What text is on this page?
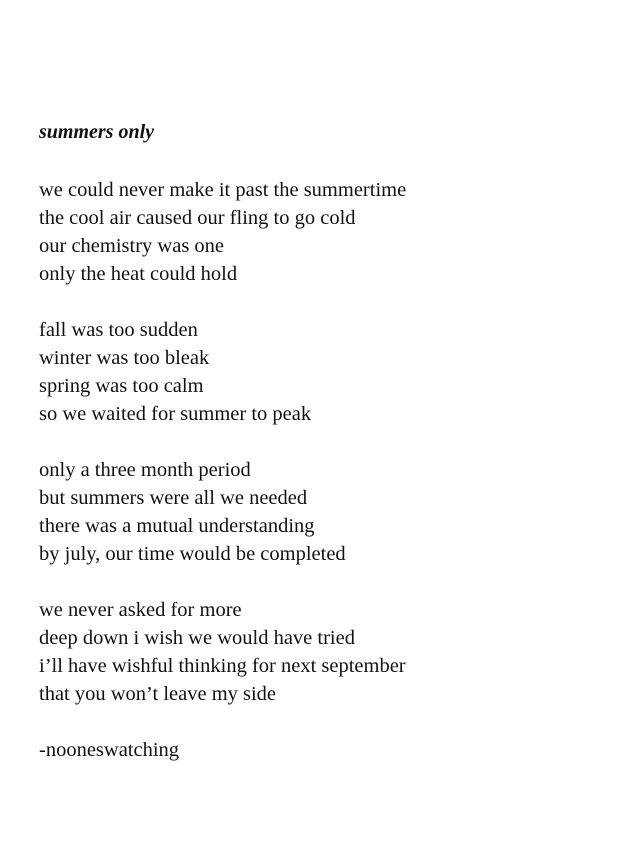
summers only

we could never make it past the summertime
the cool air caused our fling to go cold
our chemistry was one
only the heat could hold

fall was too sudden
winter was too bleak
spring was too calm
so we waited for summer to peak

only a three month period
but summers were all we needed
there was a mutual understanding
by july, our time would be completed

we never asked for more
deep down i wish we would have tried
i’ll have wishful thinking for next september
that you won’t leave my side

-nooneswatching
